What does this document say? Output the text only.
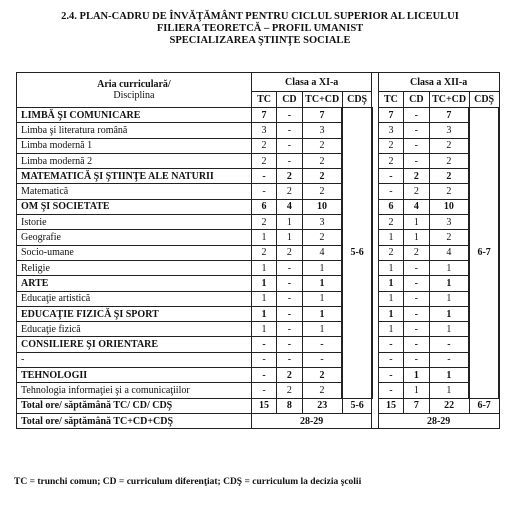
2.4. PLAN-CADRU DE ÎNVĂŢĂMÂNT PENTRU CICLUL SUPERIOR AL LICEULUI
FILIERA TEORETCĂ – PROFIL UMANIST
SPECIALIZAREA ŞTIINŢE SOCIALE
Aria curriculară/
Disciplina	Clasa a XI-a					Clasa a XII-a			
	TC	CD	TC+CD	CDŞ		TC	CD	TC+CD	CDŞ
LIMBĂ ŞI COMUNICARE	7	-	7	5-6		7	-	7	6-7
Limba şi literatura română	3	-	3			3	-	3	
Limba modernă 1	2	-	2			2	-	2	
Limba modernă 2	2	-	2			2	-	2	
MATEMATICĂ ŞI ŞTIINŢE ALE NATURII	-	2	2			-	2	2	
Matematică	-	2	2			-	2	2	
OM ŞI SOCIETATE	6	4	10			6	4	10	
Istorie	2	1	3			2	1	3	
Geografie	1	1	2			1	1	2	
Socio-umane	2	2	4			2	2	4	
Religie	1	-	1			1	-	1	
ARTE	1	-	1			1	-	1	
Educaţie artistică	1	-	1			1	-	1	
EDUCAŢIE FIZICĂ ŞI SPORT	1	-	1			1	-	1	
Educaţie fizică	1	-	1			1	-	1	
CONSILIERE ŞI ORIENTARE	-	-	-			-	-	-	
-	-	-	-			-	-	-	
TEHNOLOGII	-	2	2			-	1	1	
Tehnologia informaţiei şi a comunicaţiilor	-	2	2			-	1	1	
Total ore/ săptămână TC/ CD/ CDŞ	15	8	23	5-6		15	7	22	6-7
Total ore/ săptămână TC+CD+CDŞ	28-29					28-29			
TC = trunchi comun; CD = curriculum diferenţiat; CDŞ = curriculum la decizia şcolii
